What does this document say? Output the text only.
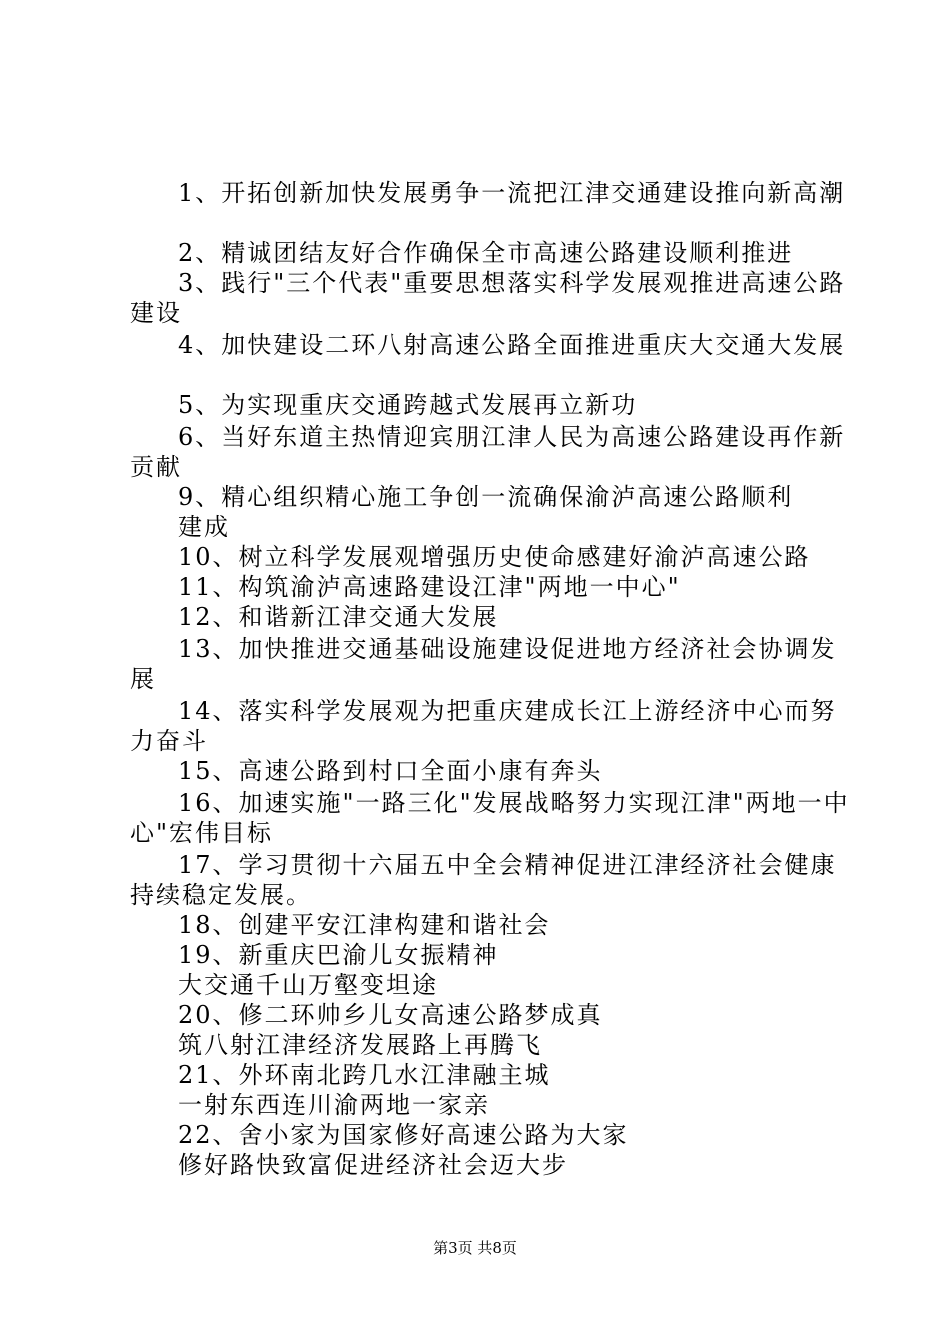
1、开拓创新加快发展勇争一流把江津交通建设推向新高潮
2、精诚团结友好合作确保全市高速公路建设顺利推进
3、践行"三个代表"重要思想落实科学发展观推进高速公路
建设
4、加快建设二环八射高速公路全面推进重庆大交通大发展
5、为实现重庆交通跨越式发展再立新功
6、当好东道主热情迎宾朋江津人民为高速公路建设再作新
贡献
9、精心组织精心施工争创一流确保渝泸高速公路顺利
建成
10、树立科学发展观增强历史使命感建好渝泸高速公路
11、构筑渝泸高速路建设江津"两地一中心"
12、和谐新江津交通大发展
13、加快推进交通基础设施建设促进地方经济社会协调发
展
14、落实科学发展观为把重庆建成长江上游经济中心而努
力奋斗
15、高速公路到村口全面小康有奔头
16、加速实施"一路三化"发展战略努力实现江津"两地一中
心"宏伟目标
17、学习贯彻十六届五中全会精神促进江津经济社会健康
持续稳定发展。
18、创建平安江津构建和谐社会
19、新重庆巴渝儿女振精神
大交通千山万壑变坦途
20、修二环帅乡儿女高速公路梦成真
筑八射江津经济发展路上再腾飞
21、外环南北跨几水江津融主城
一射东西连川渝两地一家亲
22、舍小家为国家修好高速公路为大家
修好路快致富促进经济社会迈大步
第3页 共8页
